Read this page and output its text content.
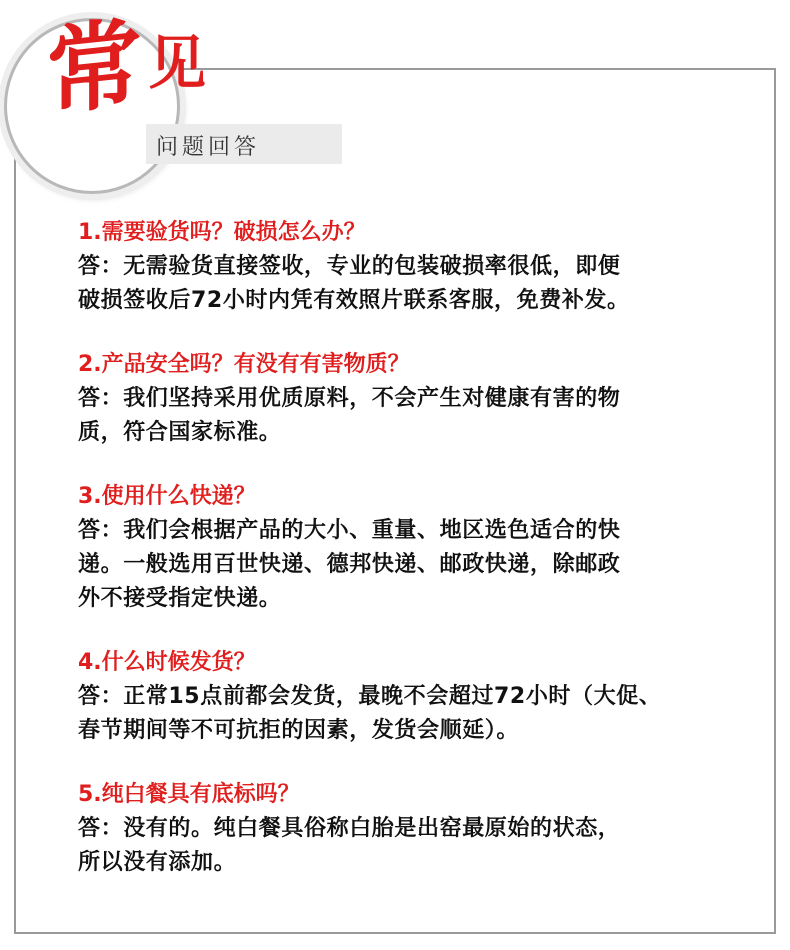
常 见
问题回答

1.需要验货吗？破损怎么办？

答：无需验货直接签收，专业的包装破损率很低，即便

破损签收后72小时内凭有效照片联系客服，免费补发。

2.产品安全吗？有没有有害物质？

答：我们坚持采用优质原料，不会产生对健康有害的物

质，符合国家标准。

3.使用什么快递？

答：我们会根据产品的大小、重量、地区选色适合的快

递。一般选用百世快递、德邦快递、邮政快递，除邮政

外不接受指定快递。

4.什么时候发货？

答：正常15点前都会发货，最晚不会超过72小时（大促、

春节期间等不可抗拒的因素，发货会顺延）。

5.纯白餐具有底标吗？

答：没有的。纯白餐具俗称白胎是出窑最原始的状态，

所以没有添加。
